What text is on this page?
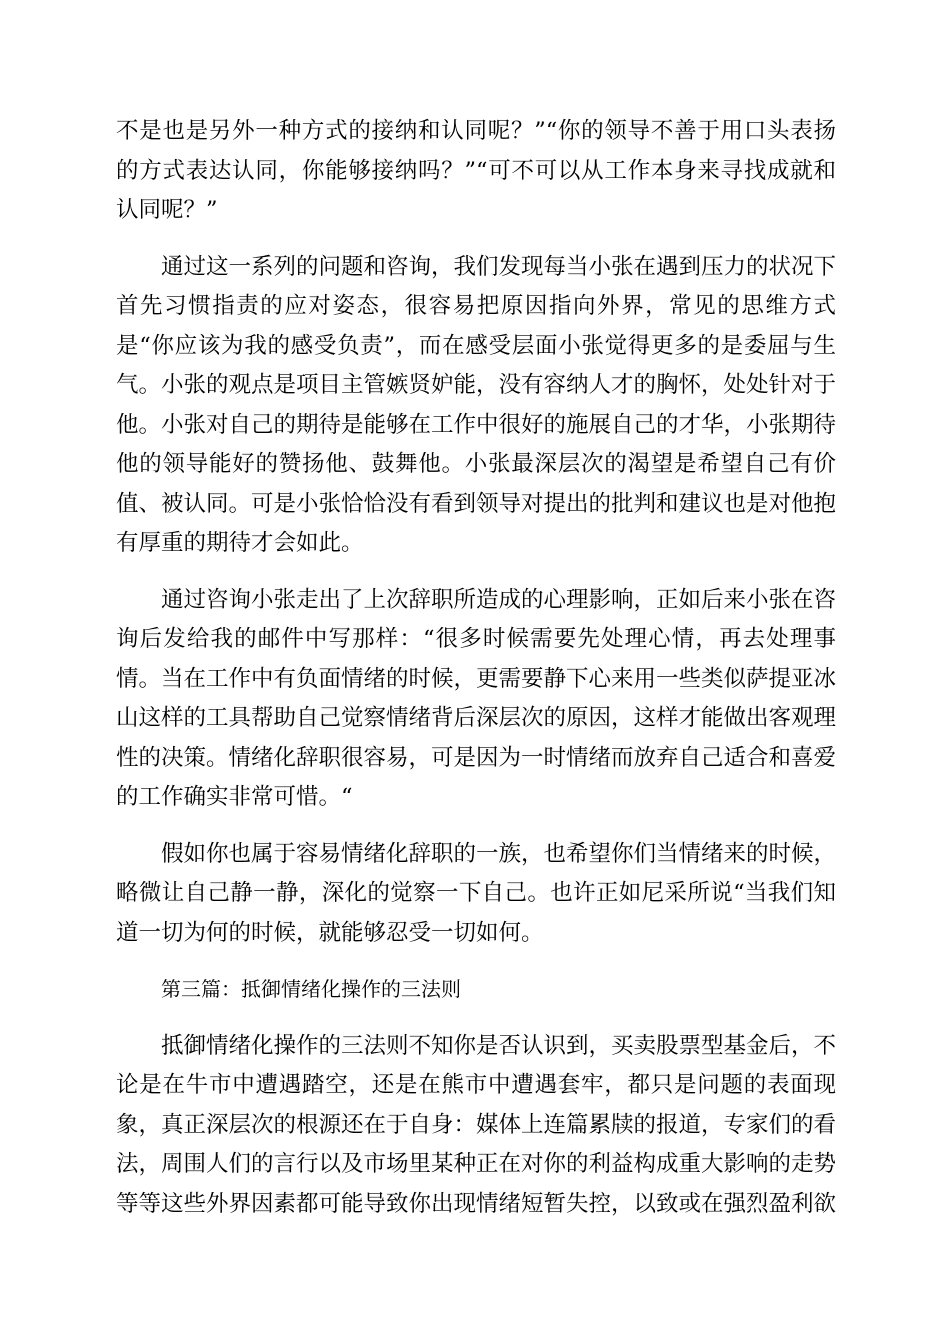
不是也是另外一种方式的接纳和认同呢？”“你的领导不善于用口头表扬的方式表达认同，你能够接纳吗？”“可不可以从工作本身来寻找成就和认同呢？”

通过这一系列的问题和咨询，我们发现每当小张在遇到压力的状况下首先习惯指责的应对姿态，很容易把原因指向外界，常见的思维方式是“你应该为我的感受负责”，而在感受层面小张觉得更多的是委屈与生气。小张的观点是项目主管嫉贤妒能，没有容纳人才的胸怀，处处针对于他。小张对自己的期待是能够在工作中很好的施展自己的才华，小张期待他的领导能好的赞扬他、鼓舞他。小张最深层次的渴望是希望自己有价值、被认同。可是小张恰恰没有看到领导对提出的批判和建议也是对他抱有厚重的期待才会如此。

通过咨询小张走出了上次辞职所造成的心理影响，正如后来小张在咨询后发给我的邮件中写那样：“很多时候需要先处理心情，再去处理事情。当在工作中有负面情绪的时候，更需要静下心来用一些类似萨提亚冰山这样的工具帮助自己觉察情绪背后深层次的原因，这样才能做出客观理性的决策。情绪化辞职很容易，可是因为一时情绪而放弃自己适合和喜爱的工作确实非常可惜。“

假如你也属于容易情绪化辞职的一族，也希望你们当情绪来的时候，略微让自己静一静，深化的觉察一下自己。也许正如尼采所说“当我们知道一切为何的时候，就能够忍受一切如何。

第三篇：抵御情绪化操作的三法则

抵御情绪化操作的三法则不知你是否认识到，买卖股票型基金后，不论是在牛市中遭遇踏空，还是在熊市中遭遇套牢，都只是问题的表面现象，真正深层次的根源还在于自身：媒体上连篇累牍的报道，专家们的看法，周围人们的言行以及市场里某种正在对你的利益构成重大影响的走势等等这些外界因素都可能导致你出现情绪短暂失控，以致或在强烈盈利欲
